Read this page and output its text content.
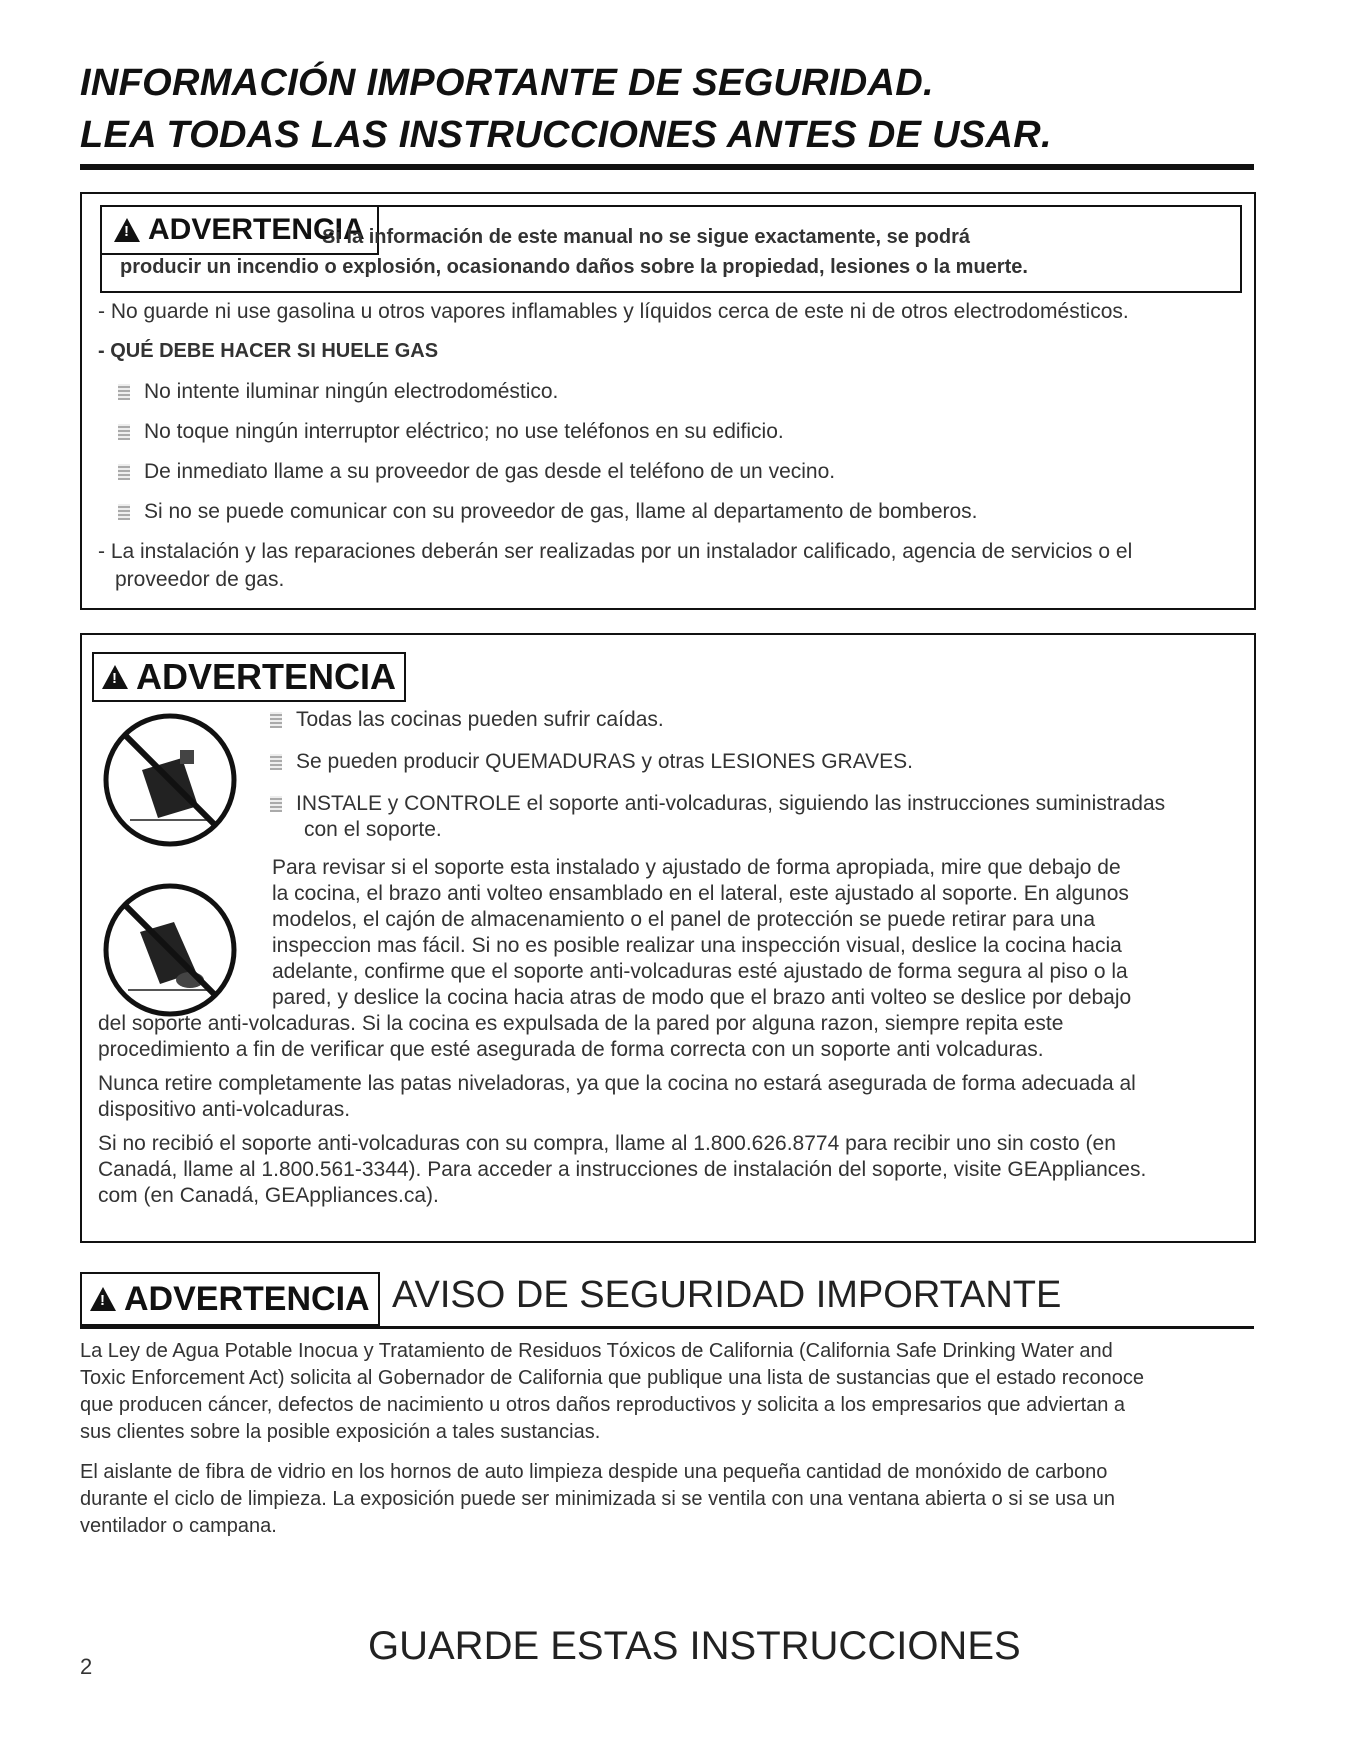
INFORMACIÓN IMPORTANTE DE SEGURIDAD.
LEA TODAS LAS INSTRUCCIONES ANTES DE USAR.
!
ADVERTENCIA
Si la información de este manual no se sigue exactamente, se podrá
producir un incendio o explosión, ocasionando daños sobre la propiedad, lesiones o la muerte.
- No guarde ni use gasolina u otros vapores inflamables y líquidos cerca de este ni de otros electrodomésticos.
- QUÉ DEBE HACER SI HUELE GAS
No intente iluminar ningún electrodoméstico.
No toque ningún interruptor eléctrico; no use teléfonos en su edificio.
De inmediato llame a su proveedor de gas desde el teléfono de un vecino.
Si no se puede comunicar con su proveedor de gas, llame al departamento de bomberos.
- La instalación y las reparaciones deberán ser realizadas por un instalador calificado, agencia de servicios o el
proveedor de gas.
!
ADVERTENCIA
Todas las cocinas pueden sufrir caídas.
Se pueden producir QUEMADURAS y otras LESIONES GRAVES.
INSTALE y CONTROLE el soporte anti-volcaduras, siguiendo las instrucciones suministradas
con el soporte.
Para revisar si el soporte esta instalado y ajustado de forma apropiada, mire que debajo de
la cocina, el brazo anti volteo ensamblado en el lateral, este ajustado al soporte. En algunos
modelos, el cajón de almacenamiento o el panel de protección se puede retirar para una
inspeccion mas fácil. Si no es posible realizar una inspección visual, deslice la cocina hacia
adelante, confirme que el soporte anti-volcaduras esté ajustado de forma segura al piso o la
pared, y deslice la cocina hacia atras de modo que el brazo anti volteo se deslice por debajo
del soporte anti-volcaduras. Si la cocina es expulsada de la pared por alguna razon, siempre repita este
procedimiento a fin de verificar que esté asegurada de forma correcta con un soporte anti volcaduras.
Nunca retire completamente las patas niveladoras, ya que la cocina no estará asegurada de forma adecuada al
dispositivo anti-volcaduras.
Si no recibió el soporte anti-volcaduras con su compra, llame al 1.800.626.8774 para recibir uno sin costo (en
Canadá, llame al 1.800.561-3344). Para acceder a instrucciones de instalación del soporte, visite GEAppliances.
com (en Canadá, GEAppliances.ca).
!
ADVERTENCIA AVISO DE SEGURIDAD IMPORTANTE
La Ley de Agua Potable Inocua y Tratamiento de Residuos Tóxicos de California (California Safe Drinking Water and
Toxic Enforcement Act) solicita al Gobernador de California que publique una lista de sustancias que el estado reconoce
que producen cáncer, defectos de nacimiento u otros daños reproductivos y solicita a los empresarios que adviertan a
sus clientes sobre la posible exposición a tales sustancias.
El aislante de fibra de vidrio en los hornos de auto limpieza despide una pequeña cantidad de monóxido de carbono
durante el ciclo de limpieza. La exposición puede ser minimizada si se ventila con una ventana abierta o si se usa un
ventilador o campana.
GUARDE ESTAS INSTRUCCIONES
2
